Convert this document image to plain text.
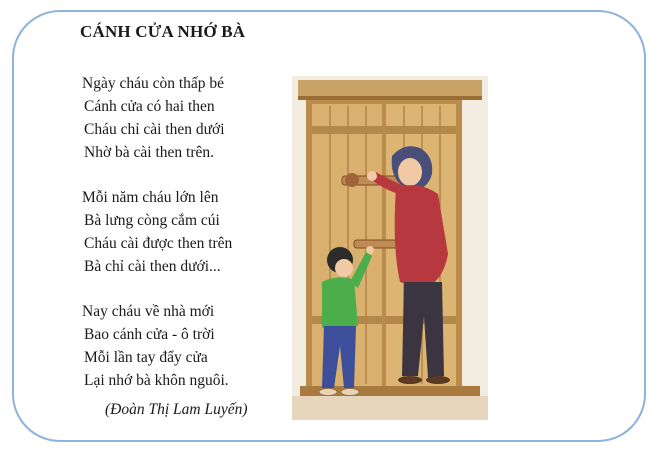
CÁNH CỬA NHỚ BÀ
Ngày cháu còn thấp bé
Cánh cửa có hai then
Cháu chỉ cài then dưới
Nhờ bà cài then trên.
Mỗi năm cháu lớn lên
Bà lưng còng cắm cúi
Cháu cài được then trên
Bà chỉ cài then dưới...
Nay cháu về nhà mới
Bao cánh cửa - ô trời
Mỗi lần tay đẩy cửa
Lại nhớ bà khôn nguôi.
(Đoàn Thị Lam Luyến)
